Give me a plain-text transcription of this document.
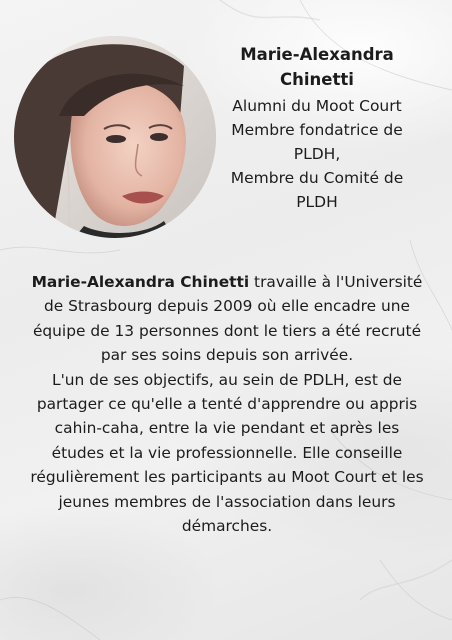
Marie-Alexandra Chinetti
Alumni du Moot Court
Membre fondatrice de PLDH,
Membre du Comité de PLDH
Marie-Alexandra Chinetti travaille à l'Université de Strasbourg depuis 2009 où elle encadre une équipe de 13 personnes dont le tiers a été recruté par ses soins depuis son arrivée.
L'un de ses objectifs, au sein de PDLH, est de partager ce qu'elle a tenté d'apprendre ou appris cahin-caha, entre la vie pendant et après les études et la vie professionnelle. Elle conseille régulièrement les participants au Moot Court et les jeunes membres de l'association dans leurs démarches.
